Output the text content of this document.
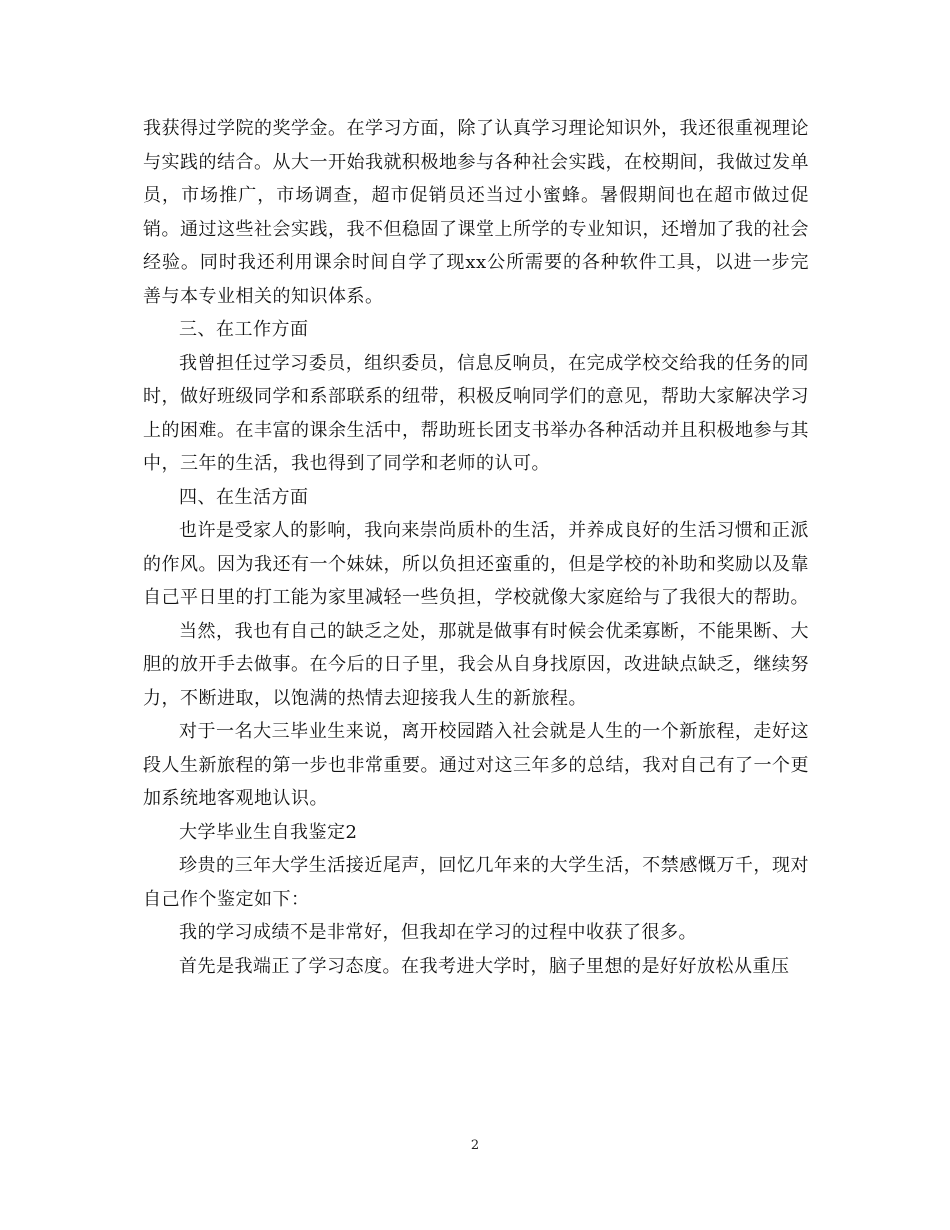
我获得过学院的奖学金。在学习方面，除了认真学习理论知识外，我还很重视理论与实践的结合。从大一开始我就积极地参与各种社会实践，在校期间，我做过发单员，市场推广，市场调查，超市促销员还当过小蜜蜂。暑假期间也在超市做过促销。通过这些社会实践，我不但稳固了课堂上所学的专业知识，还增加了我的社会经验。同时我还利用课余时间自学了现xx公所需要的各种软件工具，以进一步完善与本专业相关的知识体系。

三、在工作方面

我曾担任过学习委员，组织委员，信息反响员，在完成学校交给我的任务的同时，做好班级同学和系部联系的纽带，积极反响同学们的意见，帮助大家解决学习上的困难。在丰富的课余生活中，帮助班长团支书举办各种活动并且积极地参与其中，三年的生活，我也得到了同学和老师的认可。

四、在生活方面

也许是受家人的影响，我向来崇尚质朴的生活，并养成良好的生活习惯和正派的作风。因为我还有一个妹妹，所以负担还蛮重的，但是学校的补助和奖励以及靠自己平日里的打工能为家里减轻一些负担，学校就像大家庭给与了我很大的帮助。

当然，我也有自己的缺乏之处，那就是做事有时候会优柔寡断，不能果断、大胆的放开手去做事。在今后的日子里，我会从自身找原因，改进缺点缺乏，继续努力，不断进取，以饱满的热情去迎接我人生的新旅程。

对于一名大三毕业生来说，离开校园踏入社会就是人生的一个新旅程，走好这段人生新旅程的第一步也非常重要。通过对这三年多的总结，我对自己有了一个更加系统地客观地认识。

大学毕业生自我鉴定2

珍贵的三年大学生活接近尾声，回忆几年来的大学生活，不禁感慨万千，现对自己作个鉴定如下：

我的学习成绩不是非常好，但我却在学习的过程中收获了很多。

首先是我端正了学习态度。在我考进大学时，脑子里想的是好好放松从重压

2
